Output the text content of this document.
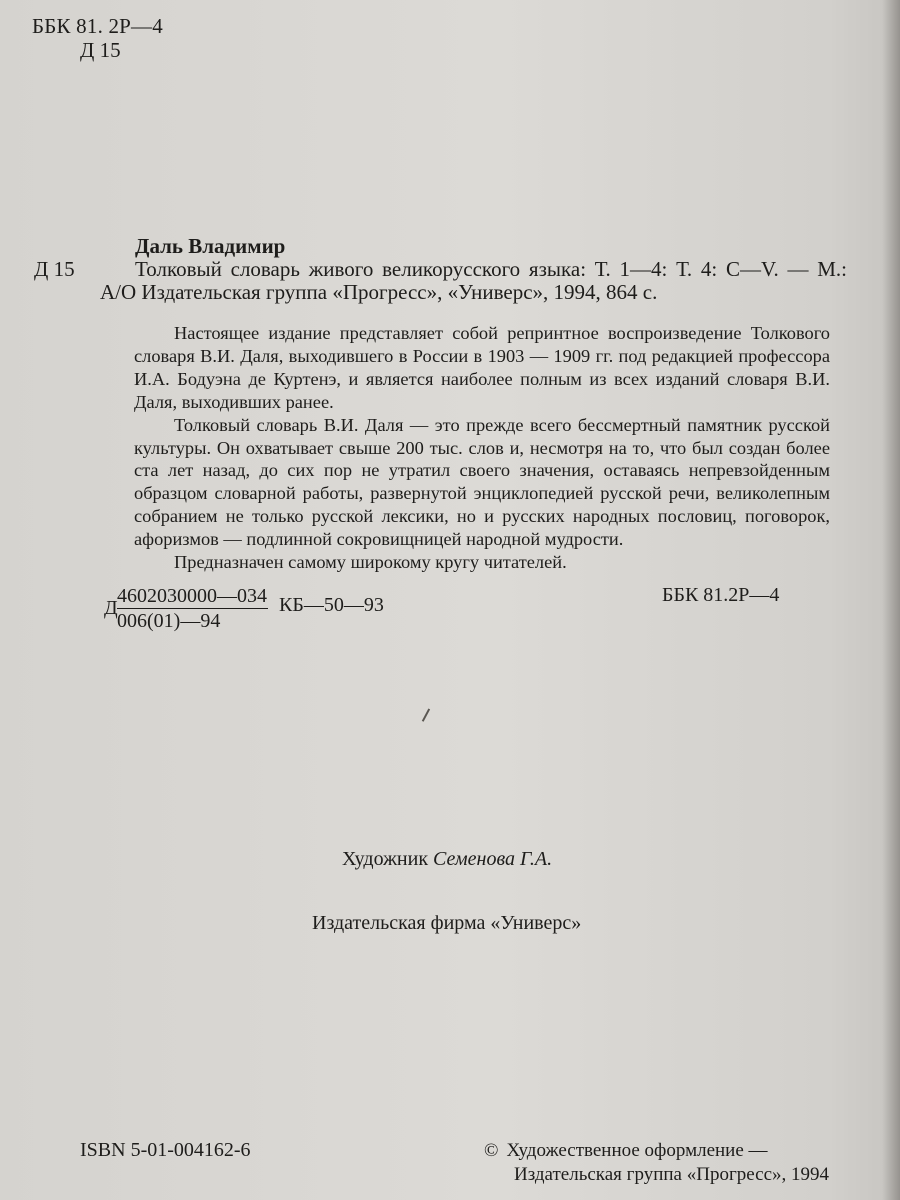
ББК 81. 2Р—4
Д 15
Даль Владимир
Д 15	Толковый словарь живого великорусского языка: Т. 1—4: Т. 4: С—V. — М.:
А/О Издательская группа «Прогресс», «Универс», 1994, 864 с.

Настоящее издание представляет собой репринтное воспроизведение Толкового словаря В.И. Даля, выходившего в России в 1903 — 1909 гг. под редакцией профессора И.А. Бодуэна де Куртенэ, и является наиболее полным из всех изданий словаря В.И. Даля, выходивших ранее.

Толковый словарь В.И. Даля — это прежде всего бессмертный памятник русской культуры. Он охватывает свыше 200 тыс. слов и, несмотря на то, что был создан более ста лет назад, до сих пор не утратил своего значения, оставаясь непревзойденным образцом словарной работы, развернутой энциклопедией русской речи, великолепным собранием не только русской лексики, но и русских народных пословиц, поговорок, афоризмов — подлинной сокровищницей народной мудрости.

Предназначен самому широкому кругу читателей.

Д $\frac{4602030000—034}{006(01)—94}$ КБ—50—93	ББК 81.2Р—4
Художник Семенова Г.А.
Издательская фирма «Универс»
ISBN 5-01-004162-6	© Художественное оформление —
Издательская группа «Прогресс», 1994
